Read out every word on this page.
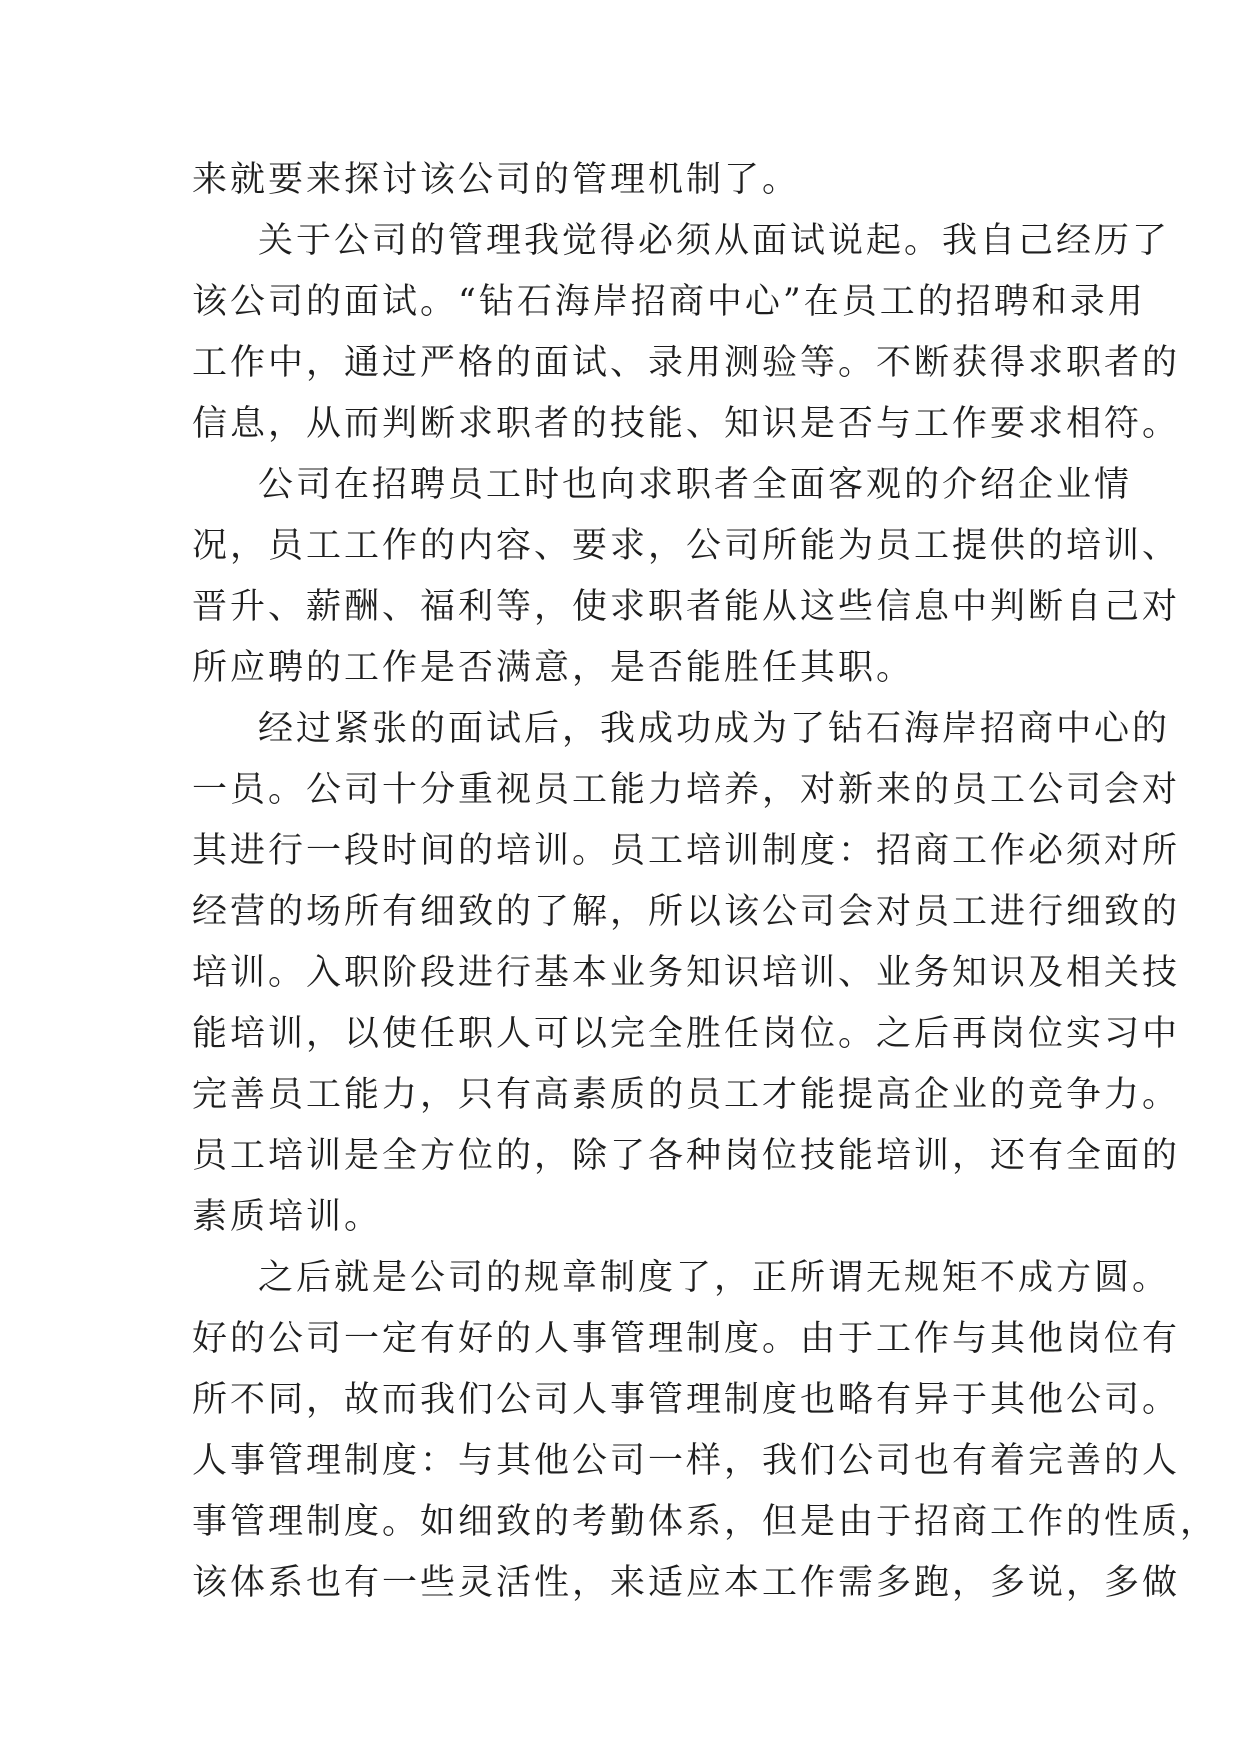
来就要来探讨该公司的管理机制了。
关于公司的管理我觉得必须从面试说起。我自己经历了
该公司的面试。“钻石海岸招商中心”在员工的招聘和录用
工作中，通过严格的面试、录用测验等。不断获得求职者的
信息，从而判断求职者的技能、知识是否与工作要求相符。
公司在招聘员工时也向求职者全面客观的介绍企业情
况，员工工作的内容、要求，公司所能为员工提供的培训、
晋升、薪酬、福利等，使求职者能从这些信息中判断自己对
所应聘的工作是否满意，是否能胜任其职。
经过紧张的面试后，我成功成为了钻石海岸招商中心的
一员。公司十分重视员工能力培养，对新来的员工公司会对
其进行一段时间的培训。员工培训制度：招商工作必须对所
经营的场所有细致的了解，所以该公司会对员工进行细致的
培训。入职阶段进行基本业务知识培训、业务知识及相关技
能培训，以使任职人可以完全胜任岗位。之后再岗位实习中
完善员工能力，只有高素质的员工才能提高企业的竞争力。
员工培训是全方位的，除了各种岗位技能培训，还有全面的
素质培训。
之后就是公司的规章制度了，正所谓无规矩不成方圆。
好的公司一定有好的人事管理制度。由于工作与其他岗位有
所不同，故而我们公司人事管理制度也略有异于其他公司。
人事管理制度：与其他公司一样，我们公司也有着完善的人
事管理制度。如细致的考勤体系，但是由于招商工作的性质，
该体系也有一些灵活性，来适应本工作需多跑，多说，多做
